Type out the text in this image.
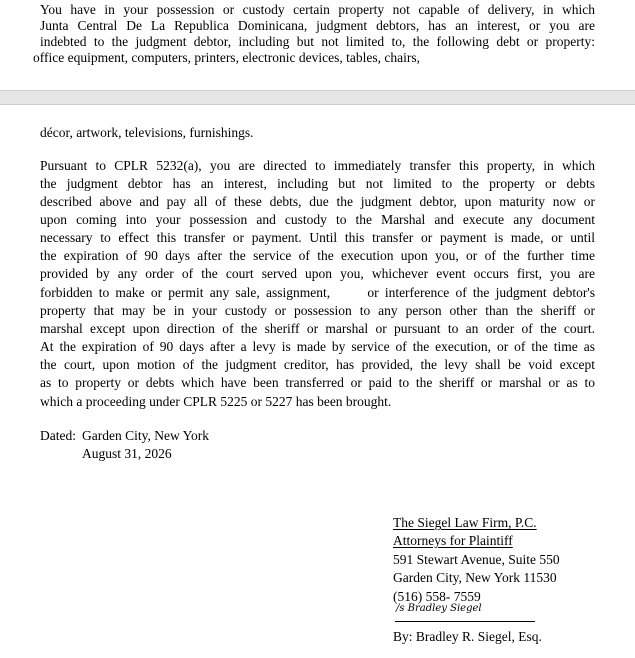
You have in your possession or custody certain property not capable of delivery, in which
Junta Central De La Republica Dominicana, judgment debtors, has an interest, or you are
indebted to the judgment debtor, including but not limited to, the following debt or property:
office equipment, computers, printers, electronic devices, tables, chairs,
décor, artwork, televisions, furnishings.
Pursuant to CPLR 5232(a), you are directed to immediately transfer this property, in which
the judgment debtor has an interest, including but not limited to the property or debts
described above and pay all of these debts, due the judgment debtor, upon maturity now or
upon coming into your possession and custody to the Marshal and execute any document
necessary to effect this transfer or payment. Until this transfer or payment is made, or until
the expiration of 90 days after the service of the execution upon you, or of the further time
provided by any order of the court served upon you, whichever event occurs first, you are
forbidden to make or permit any sale, assignment,      or interference of the judgment debtor's
property that may be in your custody or possession to any person other than the sheriff or
marshal except upon direction of the sheriff or marshal or pursuant to an order of the court.
At the expiration of 90 days after a levy is made by service of the execution, or of the time as
the court, upon motion of the judgment creditor, has provided, the levy shall be void except
as to property or debts which have been transferred or paid to the sheriff or marshal or as to
which a proceeding under CPLR 5225 or 5227 has been brought.
Dated: Garden City, New York
August 31, 2026
The Siegel Law Firm, P.C.
Attorneys for Plaintiff
591 Stewart Avenue, Suite 550
Garden City, New York 11530
(516) 558- 7559
/s Bradley Siegel
By: Bradley R. Siegel, Esq.
